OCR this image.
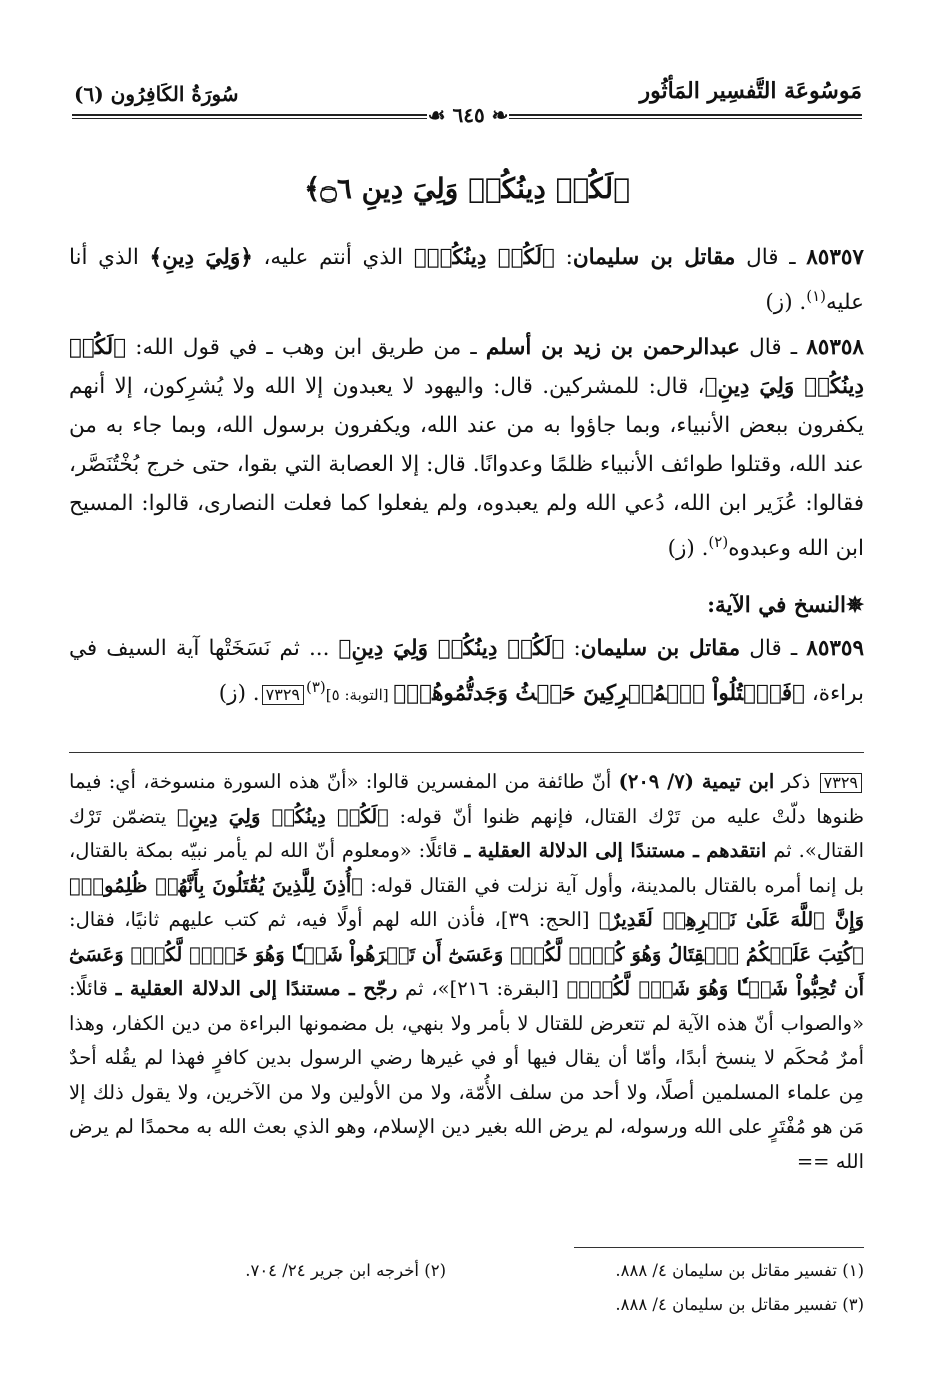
مَوسُوعَة التَّفسِير المَأثُور
سُورَةُ الكَافِرُون (٦)
❧ ٦٤٥ ☙
﴿لَكُمۡ دِينُكُمۡ وَلِيَ دِينِ ۝٦﴾

٨٥٣٥٧ ـ قال مقاتل بن سليمان: ﴿لَكُمۡ دِينُكُمۡ﴾ الذي أنتم عليه، ﴿وَلِيَ دِينِ﴾ الذي أنا عليه$^{(١)}$. (ز)

٨٥٣٥٨ ـ قال عبدالرحمن بن زيد بن أسلم ـ من طريق ابن وهب ـ في قول الله: ﴿لَكُمۡ دِينُكُمۡ وَلِيَ دِينِ﴾، قال: للمشركين. قال: واليهود لا يعبدون إلا الله ولا يُشرِكون، إلا أنهم يكفرون ببعض الأنبياء، وبما جاؤوا به من عند الله، ويكفرون برسول الله، وبما جاء به من عند الله، وقتلوا طوائف الأنبياء ظلمًا وعدوانًا. قال: إلا العصابة التي بقوا، حتى خرج بُخْتُنَصَّر، فقالوا: عُزَير ابن الله، دُعي الله ولم يعبدوه، ولم يفعلوا كما فعلت النصارى، قالوا: المسيح ابن الله وعبدوه$^{(٢)}$. (ز)

✵النسخ في الآية:

٨٥٣٥٩ ـ قال مقاتل بن سليمان: ﴿لَكُمۡ دِينُكُمۡ وَلِيَ دِينِ﴾ ... ثم نَسَخَتْها آية السيف في براءة، ﴿فَٱقۡتُلُواْ ٱلۡمُشۡرِكِينَ حَيۡثُ وَجَدتُّمُوهُمۡ﴾ [التوبة: ٥]$^{(٣)}$٧٣٢٩. (ز)

٧٣٢٩ ذكر ابن تيمية (٧/ ٢٠٩) أنّ طائفة من المفسرين قالوا: «أنّ هذه السورة منسوخة، أي: فيما ظنوها دلّتْ عليه من تَرْك القتال، فإنهم ظنوا أنّ قوله: ﴿لَكُمۡ دِينُكُمۡ وَلِيَ دِينِ﴾ يتضمّن تَرْك القتال». ثم انتقدهم ـ مستندًا إلى الدلالة العقلية ـ قائلًا: «ومعلوم أنّ الله لم يأمر نبيّه بمكة بالقتال، بل إنما أمره بالقتال بالمدينة، وأول آية نزلت في القتال قوله: ﴿أُذِنَ لِلَّذِينَ يُقَٰتَلُونَ بِأَنَّهُمۡ ظُلِمُواْۚ وَإِنَّ ٱللَّهَ عَلَىٰ نَصۡرِهِمۡ لَقَدِيرٌ﴾ [الحج: ٣٩]، فأذن الله لهم أولًا فيه، ثم كتب عليهم ثانيًا، فقال: ﴿كُتِبَ عَلَيۡكُمُ ٱلۡقِتَالُ وَهُوَ كُرۡهٞ لَّكُمۡۖ وَعَسَىٰٓ أَن تَكۡرَهُواْ شَيۡـٔٗا وَهُوَ خَيۡرٞ لَّكُمۡۖ وَعَسَىٰٓ أَن تُحِبُّواْ شَيۡـٔٗا وَهُوَ شَرّٞ لَّكُمۡۚ﴾ [البقرة: ٢١٦]»، ثم رجّح ـ مستندًا إلى الدلالة العقلية ـ قائلًا: «والصواب أنّ هذه الآية لم تتعرض للقتال لا بأمر ولا بنهي، بل مضمونها البراءة من دين الكفار، وهذا أمرٌ مُحكَم لا ينسخ أبدًا، وأمّا أن يقال فيها أو في غيرها رضي الرسول بدين كافرٍ فهذا لم يقُله أحدٌ مِن علماء المسلمين أصلًا، ولا أحد من سلف الأُمّة، ولا من الأولين ولا من الآخرين، ولا يقول ذلك إلا مَن هو مُفْتَرٍ على الله ورسوله، لم يرض الله بغير دين الإسلام، وهو الذي بعث الله به محمدًا لم يرض الله ==
(١) تفسير مقاتل بن سليمان ٤/ ٨٨٨.
(٢) أخرجه ابن جرير ٢٤/ ٧٠٤.
(٣) تفسير مقاتل بن سليمان ٤/ ٨٨٨.
